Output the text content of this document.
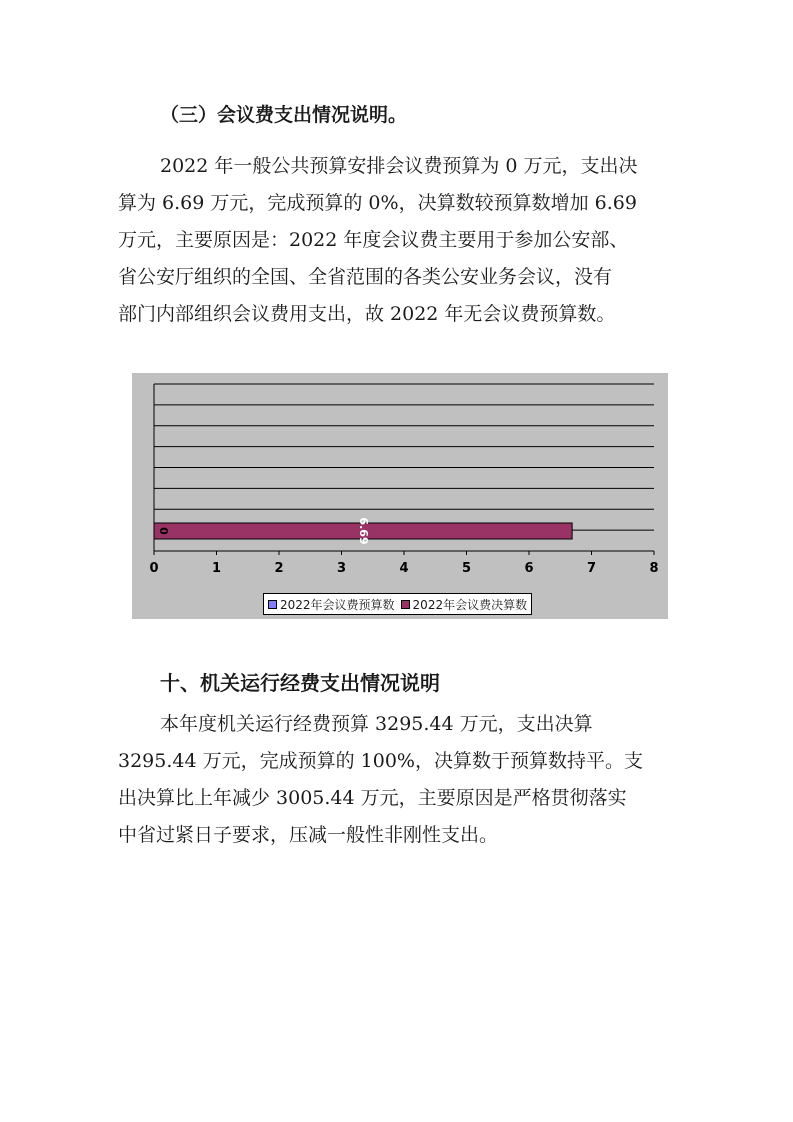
（三）会议费支出情况说明。
2022 年一般公共预算安排会议费预算为 0 万元，支出决
算为 6.69 万元，完成预算的 0%，决算数较预算数增加 6.69
万元，主要原因是：2022 年度会议费主要用于参加公安部、
省公安厅组织的全国、全省范围的各类公安业务会议，没有
部门内部组织会议费用支出，故 2022 年无会议费预算数。
0	1	2	3	4	5	6	7	8
0	6.69
2022年会议费预算数 2022年会议费决算数
十、机关运行经费支出情况说明
本年度机关运行经费预算 3295.44 万元，支出决算
3295.44 万元，完成预算的 100%，决算数于预算数持平。支
出决算比上年减少 3005.44 万元，主要原因是严格贯彻落实
中省过紧日子要求，压减一般性非刚性支出。
